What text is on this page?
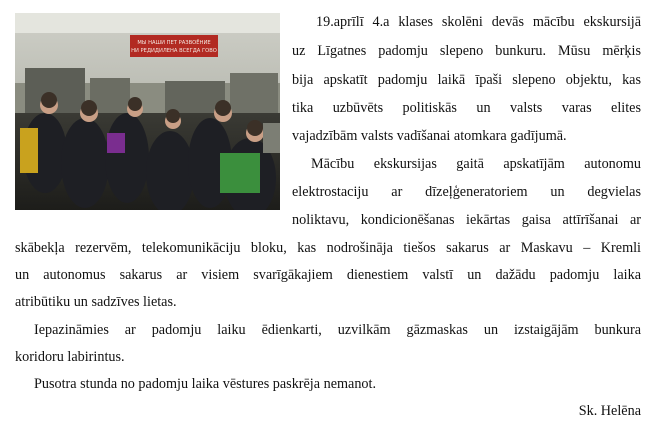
МЫ НАШИ ПЕТ РАЗВОЁНИЕ
НИ РЕДИДИЛЕНА ВСЕГДА ГОВО
19.aprīlī 4.a klases skolēni devās mācību ekskursijā
uz Līgatnes padomju slepeno bunkuru. Mūsu mērķis
bija apskatīt padomju laikā īpaši slepeno objektu, kas
tika uzbūvēts politiskās un valsts varas elites
vajadzībām valsts vadīšanai atomkara gadījumā.
Mācību ekskursijas gaitā apskatījām autonomu
elektrostaciju ar dīzeļģeneratoriem un degvielas
noliktavu, kondicionēšanas iekārtas gaisa attīrīšanai ar
skābekļa rezervēm, telekomunikāciju bloku, kas nodrošināja tiešos sakarus ar Maskavu – Kremli
un autonomus sakarus ar visiem svarīgākajiem dienestiem valstī un dažādu padomju laika
atribūtiku un sadzīves lietas.
Iepazināmies ar padomju laiku ēdienkarti, uzvilkām gāzmaskas un izstaigājām bunkura
koridoru labirintus.
Pusotra stunda no padomju laika vēstures paskrēja nemanot.
Sk. Helēna
